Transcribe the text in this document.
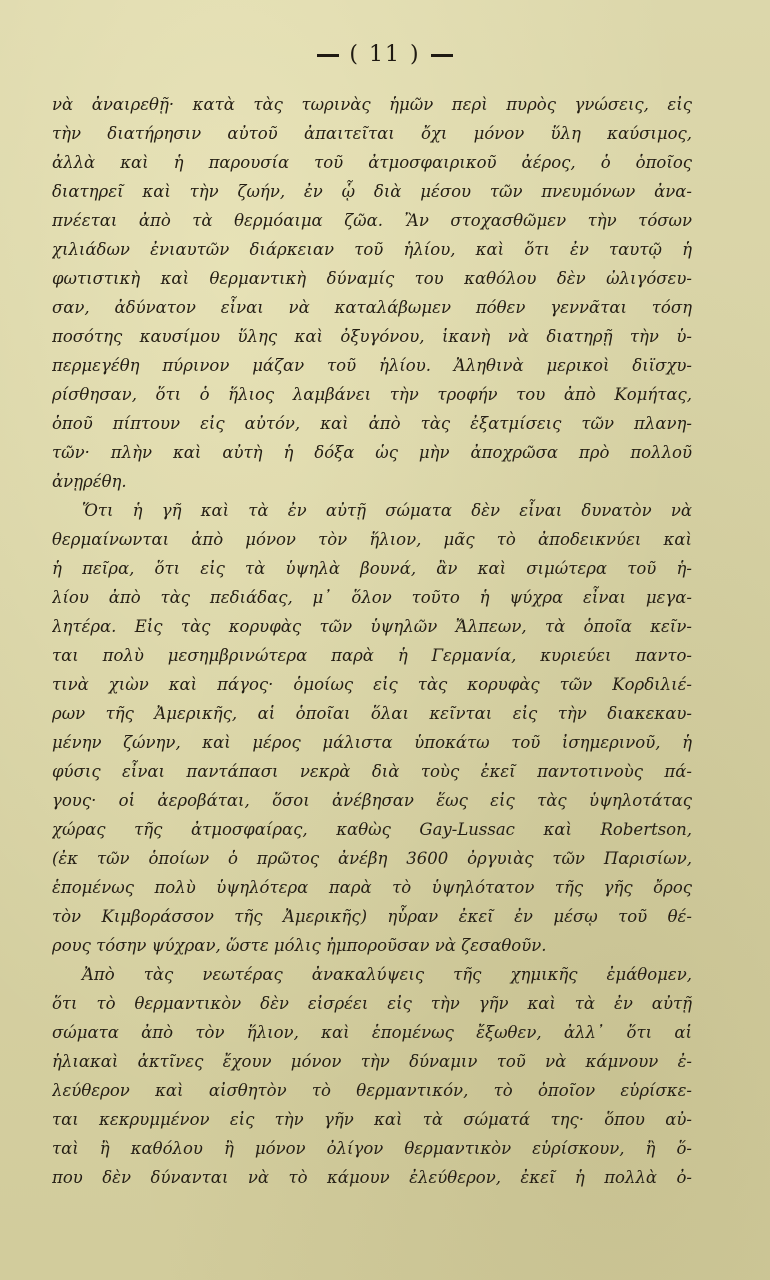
( 11 )
νὰ ἀναιρεθῇ· κατὰ τὰς τωρινὰς ἡμῶν περὶ πυρὸς γνώσεις, εἰς
τὴν διατήρησιν αὐτοῦ ἀπαιτεῖται ὄχι μόνον ὕλη καύσιμος,
ἀλλὰ καὶ ἡ παρουσία τοῦ ἀτμοσφαιρικοῦ ἀέρος, ὁ ὁποῖος
διατηρεῖ καὶ τὴν ζωήν, ἐν ᾧ διὰ μέσου τῶν πνευμόνων ἀνα-
πνέεται ἀπὸ τὰ θερμόαιμα ζῶα. Ἂν στοχασθῶμεν τὴν τόσων
χιλιάδων ἐνιαυτῶν διάρκειαν τοῦ ἡλίου, καὶ ὅτι ἐν ταυτῷ ἡ
φωτιστικὴ καὶ θερμαντικὴ δύναμίς του καθόλου δὲν ὠλιγόσευ-
σαν, ἀδύνατον εἶναι νὰ καταλάβωμεν πόθεν γεννᾶται τόση
ποσότης καυσίμου ὕλης καὶ ὀξυγόνου, ἱκανὴ νὰ διατηρῇ τὴν ὑ-
περμεγέθη πύρινον μάζαν τοῦ ἡλίου. Ἀληθινὰ μερικοὶ διϊσχυ-
ρίσθησαν, ὅτι ὁ ἥλιος λαμβάνει τὴν τροφήν του ἀπὸ Κομήτας,
ὁποῦ πίπτουν εἰς αὐτόν, καὶ ἀπὸ τὰς ἐξατμίσεις τῶν πλανη-
τῶν· πλὴν καὶ αὐτὴ ἡ δόξα ὡς μὴν ἀποχρῶσα πρὸ πολλοῦ
ἀνῃρέθη.
Ὅτι ἡ γῆ καὶ τὰ ἐν αὐτῇ σώματα δὲν εἶναι δυνατὸν νὰ
θερμαίνωνται ἀπὸ μόνον τὸν ἥλιον, μᾶς τὸ ἀποδεικνύει καὶ
ἡ πεῖρα, ὅτι εἰς τὰ ὑψηλὰ βουνά, ἂν καὶ σιμώτερα τοῦ ἡ-
λίου ἀπὸ τὰς πεδιάδας, μ᾽ ὅλον τοῦτο ἡ ψύχρα εἶναι μεγα-
λητέρα. Εἰς τὰς κορυφὰς τῶν ὑψηλῶν Ἄλπεων, τὰ ὁποῖα κεῖν-
ται πολὺ μεσημβρινώτερα παρὰ ἡ Γερμανία, κυριεύει παντο-
τινὰ χιὼν καὶ πάγος· ὁμοίως εἰς τὰς κορυφὰς τῶν Κορδιλιέ-
ρων τῆς Ἀμερικῆς, αἱ ὁποῖαι ὅλαι κεῖνται εἰς τὴν διακεκαυ-
μένην ζώνην, καὶ μέρος μάλιστα ὑποκάτω τοῦ ἰσημερινοῦ, ἡ
φύσις εἶναι παντάπασι νεκρὰ διὰ τοὺς ἐκεῖ παντοτινοὺς πά-
γους· οἱ ἀεροβάται, ὅσοι ἀνέβησαν ἕως εἰς τὰς ὑψηλοτάτας
χώρας τῆς ἀτμοσφαίρας, καθὼς Gay-Lussac καὶ Robertson,
(ἐκ τῶν ὁποίων ὁ πρῶτος ἀνέβη 3600 ὀργυιὰς τῶν Παρισίων,
ἑπομένως πολὺ ὑψηλότερα παρὰ τὸ ὑψηλότατον τῆς γῆς ὄρος
τὸν Κιμβοράσσον τῆς Ἀμερικῆς) ηὗραν ἐκεῖ ἐν μέσῳ τοῦ θέ-
ρους τόσην ψύχραν, ὥστε μόλις ἠμποροῦσαν νὰ ζεσαθοῦν.
Ἀπὸ τὰς νεωτέρας ἀνακαλύψεις τῆς χημικῆς ἐμάθομεν,
ὅτι τὸ θερμαντικὸν δὲν εἰσρέει εἰς τὴν γῆν καὶ τὰ ἐν αὐτῇ
σώματα ἀπὸ τὸν ἥλιον, καὶ ἑπομένως ἔξωθεν, ἀλλ᾽ ὅτι αἱ
ἡλιακαὶ ἀκτῖνες ἔχουν μόνον τὴν δύναμιν τοῦ νὰ κάμνουν ἐ-
λεύθερον καὶ αἰσθητὸν τὸ θερμαντικόν, τὸ ὁποῖον εὑρίσκε-
ται κεκρυμμένον εἰς τὴν γῆν καὶ τὰ σώματά της· ὅπου αὐ-
ταὶ ἢ καθόλου ἢ μόνον ὀλίγον θερμαντικὸν εὑρίσκουν, ἢ ὅ-
που δὲν δύνανται νὰ τὸ κάμουν ἐλεύθερον, ἐκεῖ ἡ πολλὰ ὀ-
